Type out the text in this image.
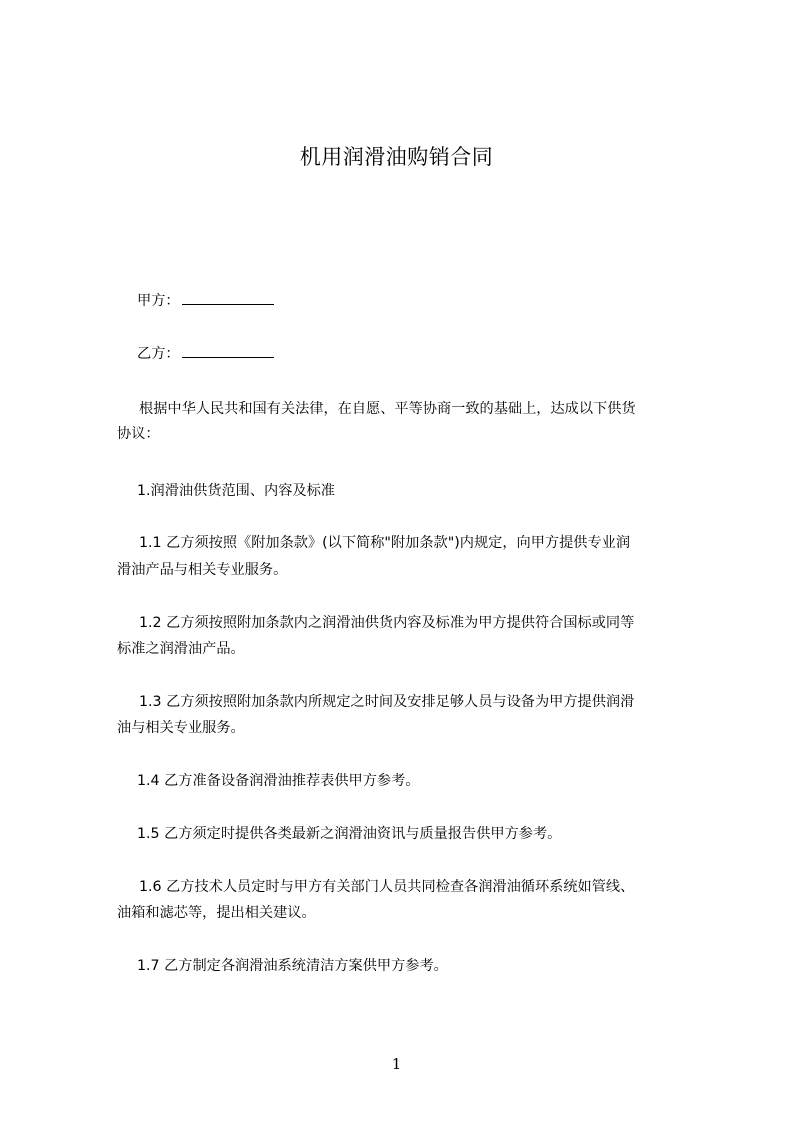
机用润滑油购销合同
甲方：
乙方：
根据中华人民共和国有关法律，在自愿、平等协商一致的基础上，达成以下供货
协议：
1.润滑油供货范围、内容及标准
1.1 乙方须按照《附加条款》(以下简称"附加条款")内规定，向甲方提供专业润
滑油产品与相关专业服务。
1.2 乙方须按照附加条款内之润滑油供货内容及标准为甲方提供符合国标或同等
标准之润滑油产品。
1.3 乙方须按照附加条款内所规定之时间及安排足够人员与设备为甲方提供润滑
油与相关专业服务。
1.4 乙方准备设备润滑油推荐表供甲方参考。
1.5 乙方须定时提供各类最新之润滑油资讯与质量报告供甲方参考。
1.6 乙方技术人员定时与甲方有关部门人员共同检查各润滑油循环系统如管线、
油箱和滤芯等，提出相关建议。
1.7 乙方制定各润滑油系统清洁方案供甲方参考。
1
